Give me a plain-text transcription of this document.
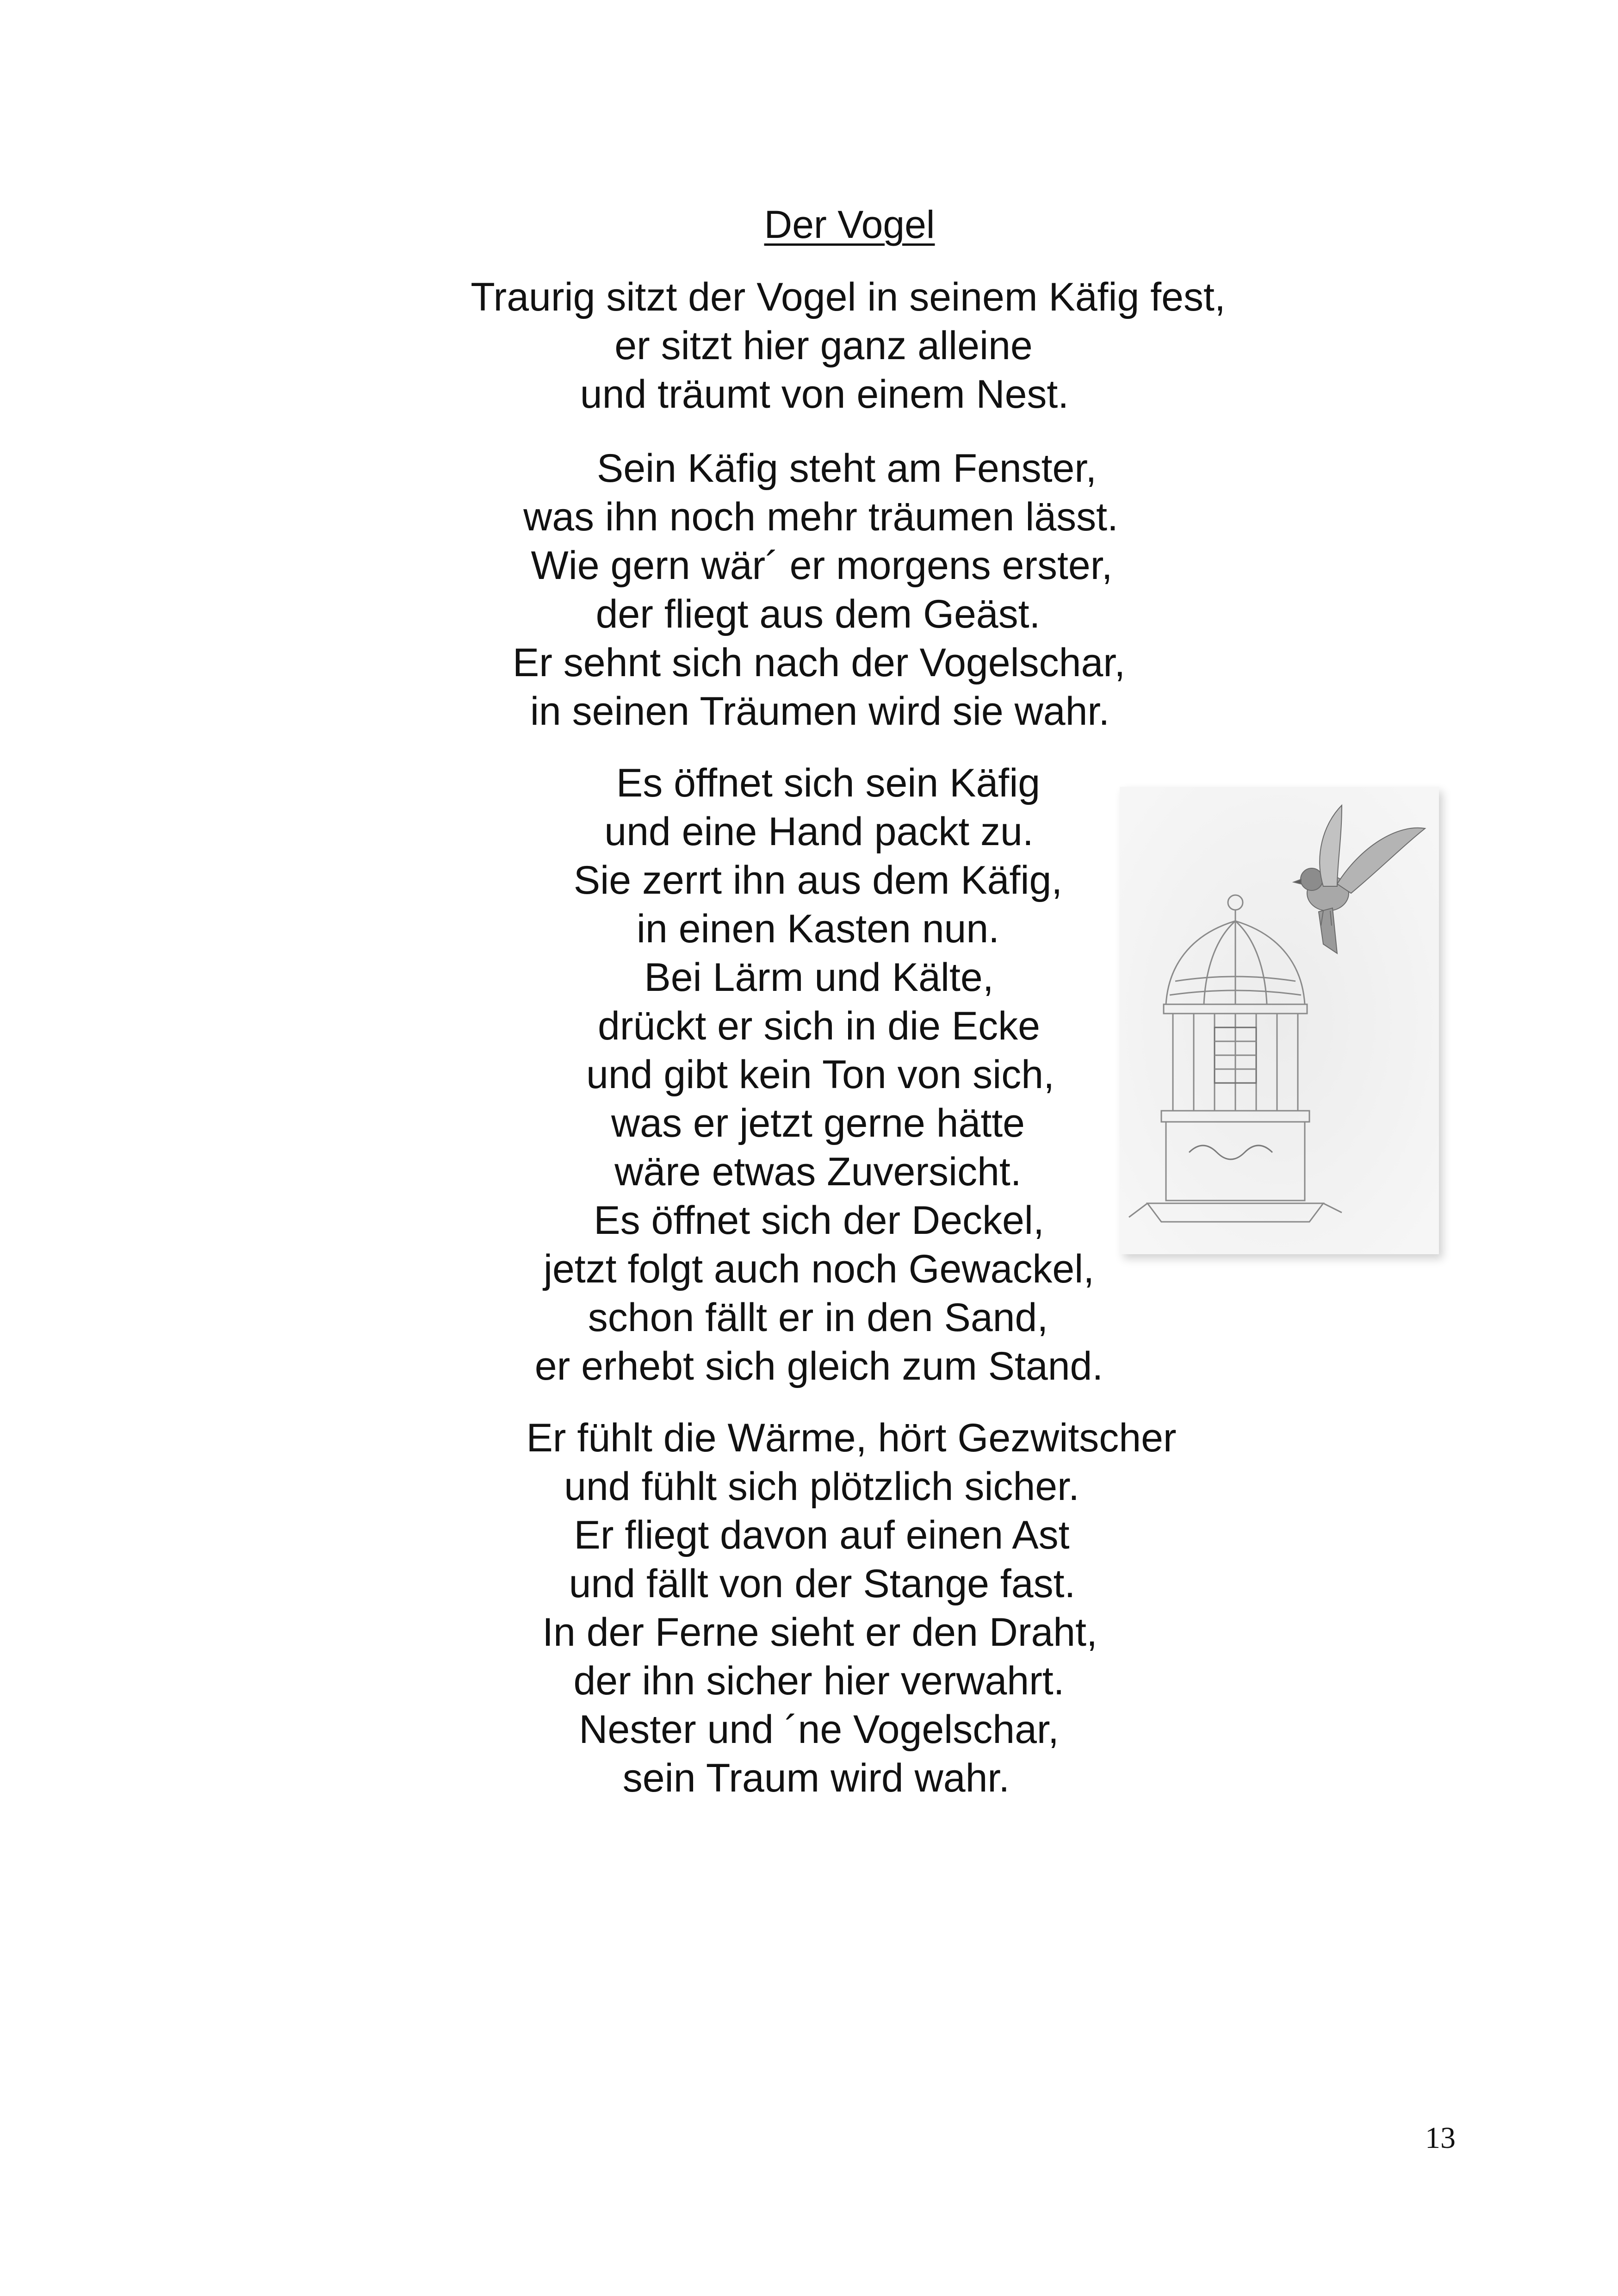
Der Vogel
Traurig sitzt der Vogel in seinem Käfig fest,
er sitzt hier ganz alleine
und träumt von einem Nest.
Sein Käfig steht am Fenster,
was ihn noch mehr träumen lässt.
Wie gern wär´ er morgens erster,
der fliegt aus dem Geäst.
Er sehnt sich nach der Vogelschar,
in seinen Träumen wird sie wahr.
Es öffnet sich sein Käfig
und eine Hand packt zu.
Sie zerrt ihn aus dem Käfig,
in einen Kasten nun.
Bei Lärm und Kälte,
drückt er sich in die Ecke
und gibt kein Ton von sich,
was er jetzt gerne hätte
wäre etwas Zuversicht.
Es öffnet sich der Deckel,
jetzt folgt auch noch Gewackel,
schon fällt er in den Sand,
er erhebt sich gleich zum Stand.
Er fühlt die Wärme, hört Gezwitscher
und fühlt sich plötzlich sicher.
Er fliegt davon auf einen Ast
und fällt von der Stange fast.
In der Ferne sieht er den Draht,
der ihn sicher hier verwahrt.
Nester und ´ne Vogelschar,
sein Traum wird wahr.
13
